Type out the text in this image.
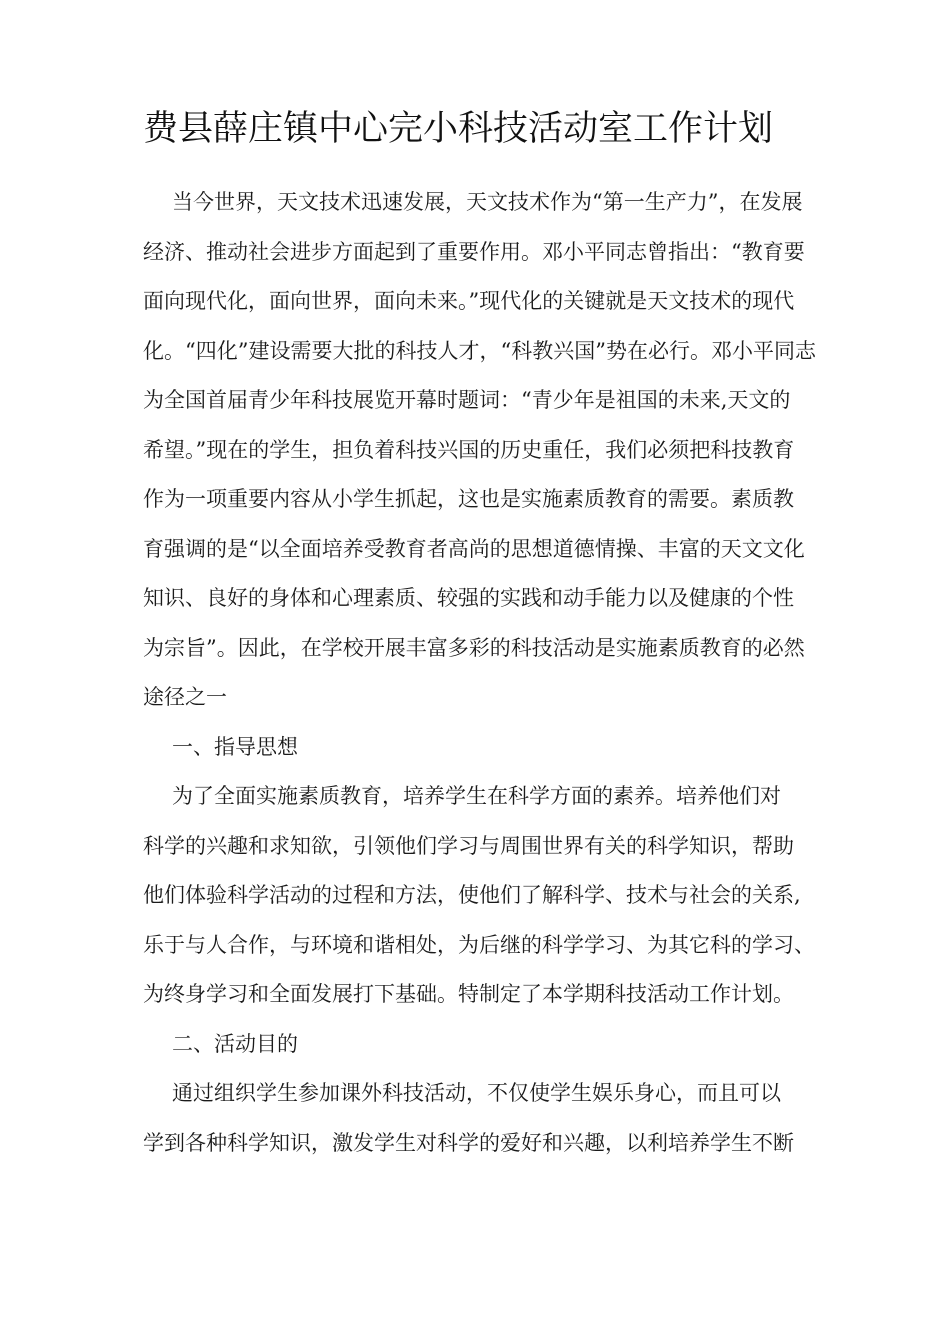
费县薛庄镇中心完小科技活动室工作计划
当今世界，天文技术迅速发展，天文技术作为“第一生产力”，在发展
经济、推动社会进步方面起到了重要作用。邓小平同志曾指出：“教育要
面向现代化，面向世界，面向未来。”现代化的关键就是天文技术的现代
化。“四化”建设需要大批的科技人才，“科教兴国”势在必行。邓小平同志
为全国首届青少年科技展览开幕时题词：“青少年是祖国的未来,天文的
希望。”现在的学生，担负着科技兴国的历史重任，我们必须把科技教育
作为一项重要内容从小学生抓起，这也是实施素质教育的需要。素质教
育强调的是“以全面培养受教育者高尚的思想道德情操、丰富的天文文化
知识、良好的身体和心理素质、较强的实践和动手能力以及健康的个性
为宗旨”。因此，在学校开展丰富多彩的科技活动是实施素质教育的必然
途径之一
一、指导思想
为了全面实施素质教育，培养学生在科学方面的素养。培养他们对
科学的兴趣和求知欲，引领他们学习与周围世界有关的科学知识，帮助
他们体验科学活动的过程和方法，使他们了解科学、技术与社会的关系,
乐于与人合作，与环境和谐相处，为后继的科学学习、为其它科的学习、
为终身学习和全面发展打下基础。特制定了本学期科技活动工作计划。
二、活动目的
通过组织学生参加课外科技活动，不仅使学生娱乐身心，而且可以
学到各种科学知识，激发学生对科学的爱好和兴趣，以利培养学生不断
